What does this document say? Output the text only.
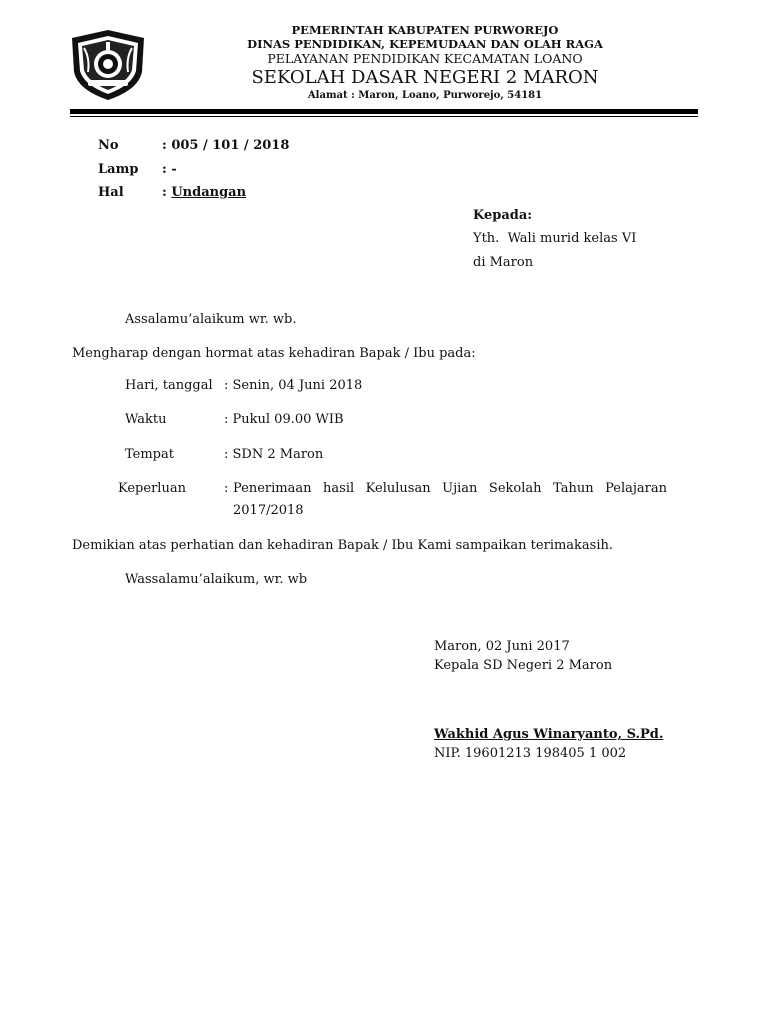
PEMERINTAH KABUPATEN PURWOREJO
DINAS PENDIDIKAN, KEPEMUDAAN DAN OLAH RAGA
PELAYANAN PENDIDIKAN KECAMATAN LOANO
SEKOLAH DASAR NEGERI 2 MARON
Alamat : Maron, Loano, Purworejo, 54181
No	: 005 / 101 / 2018
Lamp : -
Hal	: Undangan
Kepada:
Yth.  Wali murid kelas VI
di Maron
Assalamu’alaikum wr. wb.
Mengharap dengan hormat atas kehadiran Bapak / Ibu pada:
Hari, tanggal : Senin, 04 Juni 2018
Waktu	: Pukul 09.00 WIB
Tempat	: SDN 2 Maron
Keperluan	: Penerimaan hasil Kelulusan Ujian Sekolah Tahun Pelajaran
2017/2018
Demikian atas perhatian dan kehadiran Bapak / Ibu Kami sampaikan terimakasih.
Wassalamu’alaikum, wr. wb
Maron, 02 Juni 2017
Kepala SD Negeri 2 Maron
Wakhid Agus Winaryanto, S.Pd.
NIP. 19601213 198405 1 002
